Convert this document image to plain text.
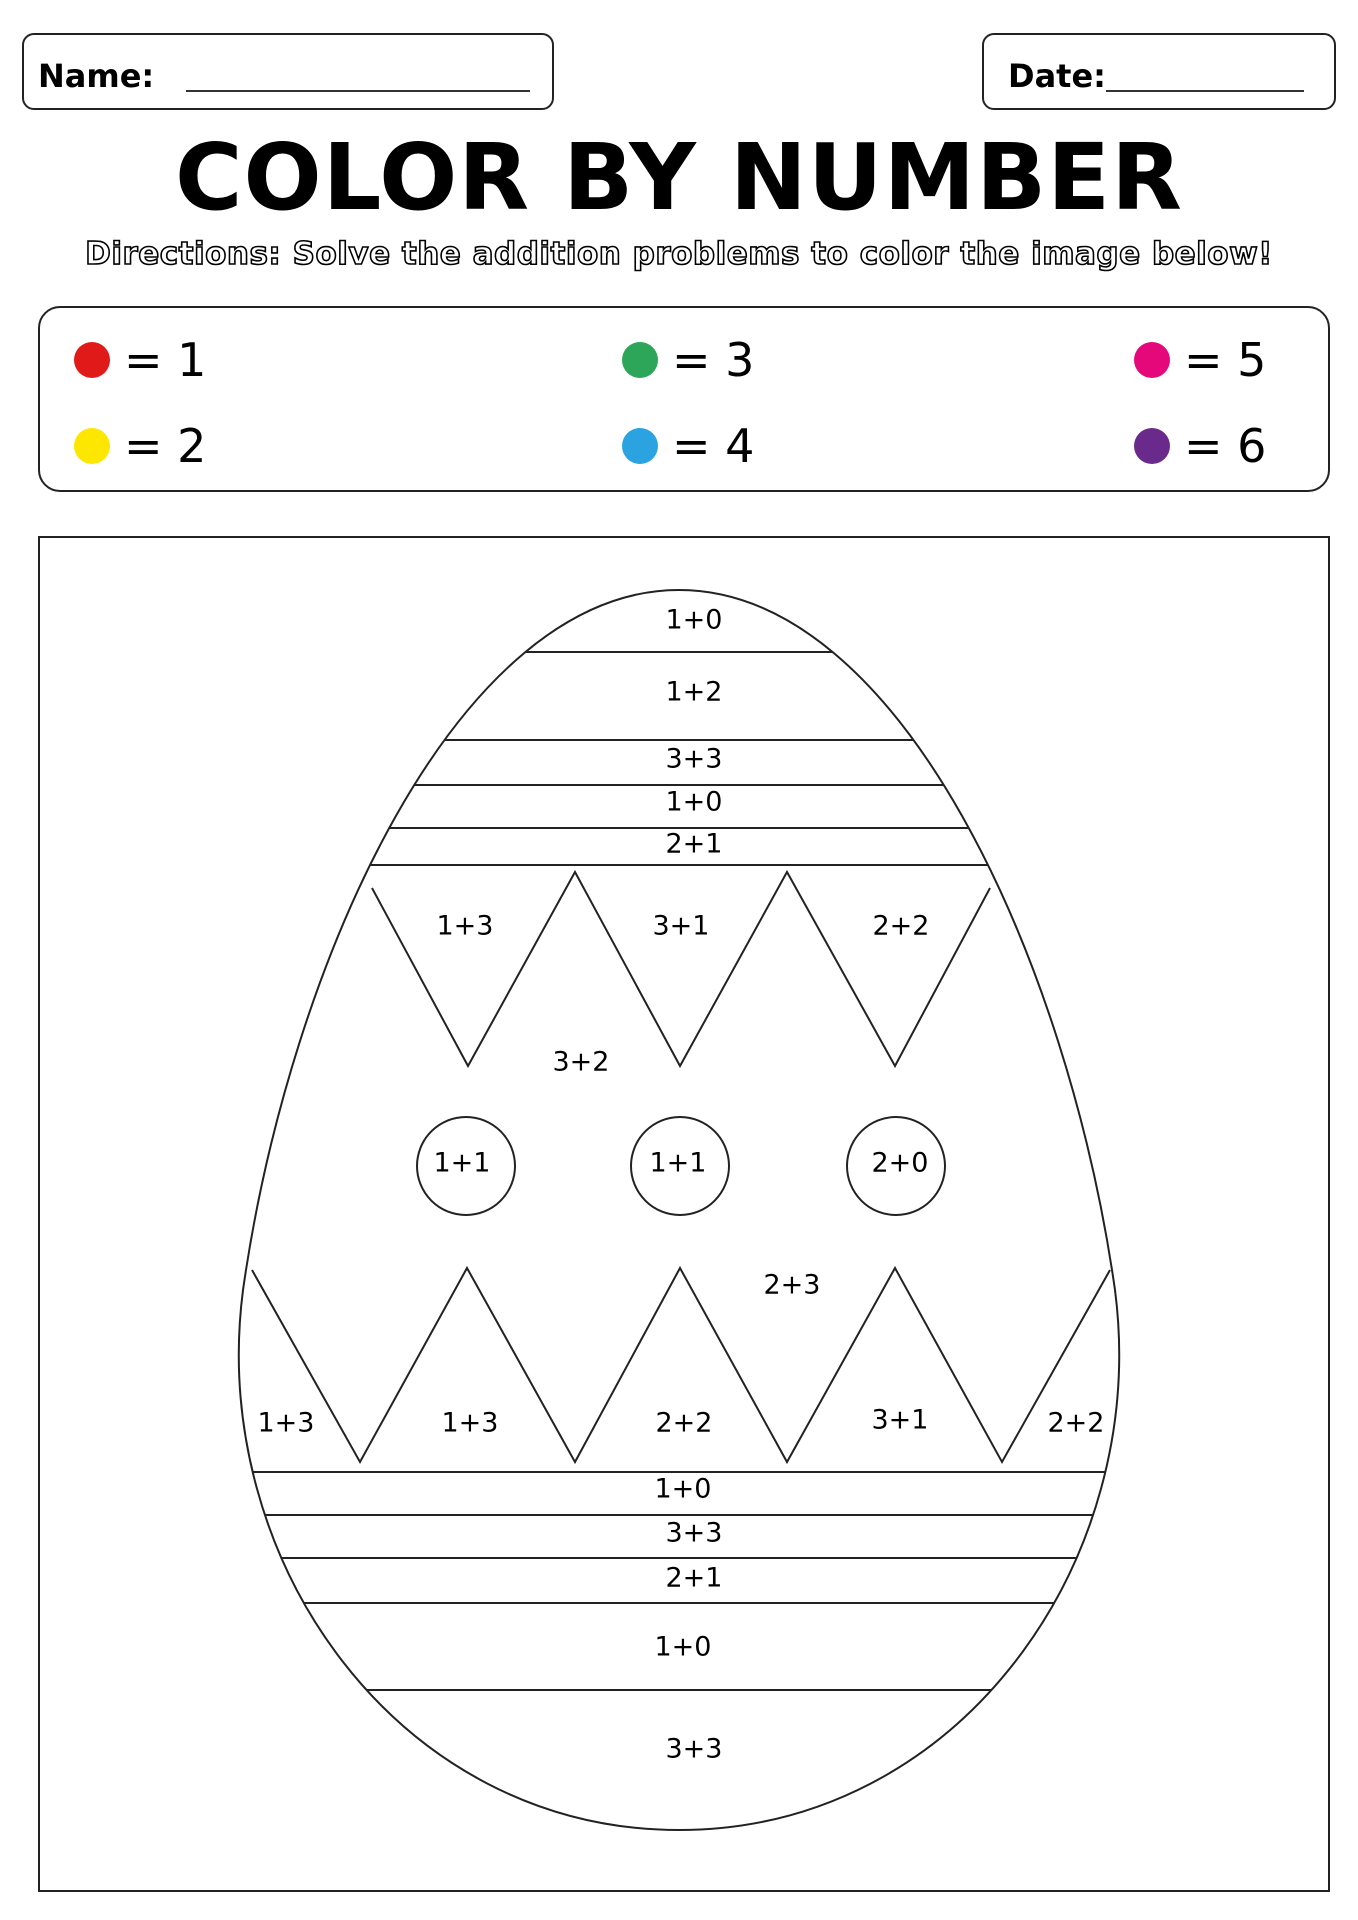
Name:	Date:
COLOR BY NUMBER
Directions: Solve the addition problems to color the image below!
= 1
= 2
= 3
= 4
= 5
= 6
1+0
1+2
3+3
1+0
2+1
1+3	3+1	2+2
3+2
1+1	1+1	2+0
2+3
1+3	1+3	2+2	3+1	2+2
1+0
3+3
2+1
1+0
3+3
